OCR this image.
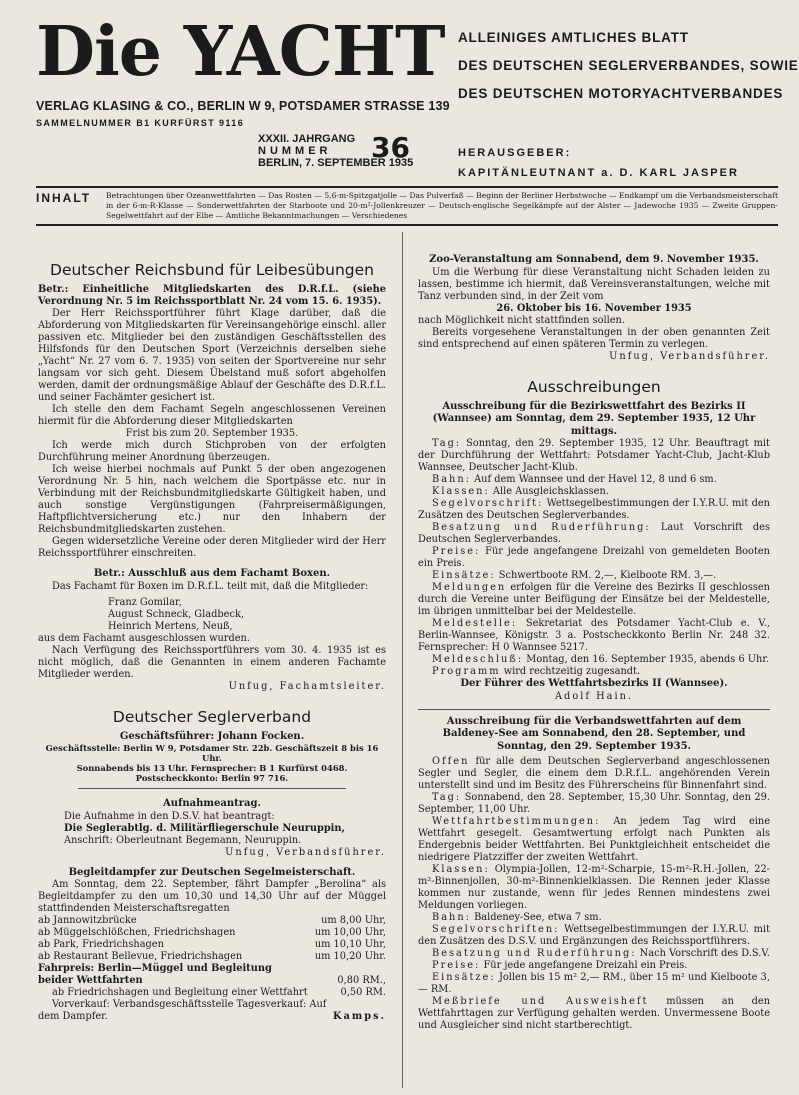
Die YACHT
VERLAG KLASING & CO., BERLIN W 9, POTSDAMER STRASSE 139
SAMMELNUMMER B1 KURFÜRST 9116
ALLEINIGES AMTLICHES BLATT
DES DEUTSCHEN SEGLERVERBANDES, SOWIE
DES DEUTSCHEN MOTORYACHTVERBANDES
XXXII. JAHRGANG
NUMMER	36
BERLIN, 7. SEPTEMBER 1935
HERAUSGEBER:
KAPITÄNLEUTNANT a. D. KARL JASPER
INHALT Betrachtungen über Ozeanwettfahrten — Das Rosten — 5,6-m-Spitzgatjolle — Das Pulverfaß — Beginn der Berliner Herbstwoche — Endkampf um die Verbandsmeisterschaft in der 6-m-R-Klasse — Sonderwettfahrten der Starboote und 20-m²-Jollenkreuzer — Deutsch-englische Segelkämpfe auf der Alster — Jadewoche 1935 — Zweite Gruppen-Segelwettfahrt auf der Elbe — Amtliche Bekanntmachungen — Verschiedenes
Deutscher Reichsbund für Leibesübungen

Betr.: Einheitliche Mitgliedskarten des D.R.f.L. (siehe Verordnung Nr. 5 im Reichssportblatt Nr. 24 vom 15. 6. 1935).

Der Herr Reichssportführer führt Klage darüber, daß die Abforderung von Mitgliedskarten für Vereinsangehörige einschl. aller passiven etc. Mitglieder bei den zuständigen Geschäftsstellen des Hilfsfonds für den Deutschen Sport (Verzeichnis derselben siehe „Yacht“ Nr. 27 vom 6. 7. 1935) von seiten der Sportvereine nur sehr langsam vor sich geht. Diesem Übelstand muß sofort abgeholfen werden, damit der ordnungsmäßige Ablauf der Geschäfte des D.R.f.L. und seiner Fachämter gesichert ist.

Ich stelle den dem Fachamt Segeln angeschlossenen Vereinen hiermit für die Abforderung dieser Mitgliedskarten

Frist bis zum 20. September 1935.

Ich werde mich durch Stichproben von der erfolgten Durchführung meiner Anordnung überzeugen.

Ich weise hierbei nochmals auf Punkt 5 der oben angezogenen Verordnung Nr. 5 hin, nach welchem die Sportpässe etc. nur in Verbindung mit der Reichsbundmitgliedskarte Gültigkeit haben, und auch sonstige Vergünstigungen (Fahrpreisermäßigungen, Haftpflichtversicherung etc.) nur den Inhabern der Reichsbundmitgliedskarten zustehen.

Gegen widersetzliche Vereine oder deren Mitglieder wird der Herr Reichssportführer einschreiten.

Betr.: Ausschluß aus dem Fachamt Boxen.

Das Fachamt für Boxen im D.R.f.L. teilt mit, daß die Mitglieder:

Franz Gomilar,

August Schneck, Gladbeck,

Heinrich Mertens, Neuß,

aus dem Fachamt ausgeschlossen wurden.

Nach Verfügung des Reichssportführers vom 30. 4. 1935 ist es nicht möglich, daß die Genannten in einem anderen Fachamte Mitglieder werden.

Unfug, Fachamtsleiter.

Deutscher Seglerverband

Geschäftsführer: Johann Focken.

Geschäftsstelle: Berlin W 9, Potsdamer Str. 22b. Geschäftszeit 8 bis 16 Uhr.

Sonnabends bis 13 Uhr. Fernsprecher: B 1 Kurfürst 0468.

Postscheckkonto: Berlin 97 716.

Aufnahmeantrag.

Die Aufnahme in den D.S.V. hat beantragt:

Die Seglerabtlg. d. Militärfliegerschule Neuruppin,

Anschrift: Oberleutnant Begemann, Neuruppin.

Unfug, Verbandsführer.

Begleitdampfer zur Deutschen Segelmeisterschaft.

Am Sonntag, dem 22. September, fährt Dampfer „Berolina“ als Begleitdampfer zu den um 10,30 und 14,30 Uhr auf der Müggel stattfindenden Meisterschaftsregatten

ab Jannowitzbrücke	um 8,00 Uhr,
ab Müggelschlößchen, Friedrichshagen	um 10,00 Uhr,
ab Park, Friedrichshagen	um 10,10 Uhr,
ab Restaurant Bellevue, Friedrichshagen	um 10,20 Uhr.
Fahrpreis: Berlin—Müggel und Begleitung beider Wettfahrten	0,80 RM.,
ab Friedrichshagen und Begleitung einer Wettfahrt	0,50 RM.
Vorverkauf: Verbandsgeschäftsstelle Tagesverkauf: Auf dem Dampfer.	Kamps.

Zoo-Veranstaltung am Sonnabend, dem 9. November 1935.

Um die Werbung für diese Veranstaltung nicht Schaden leiden zu lassen, bestimme ich hiermit, daß Vereinsveranstaltungen, welche mit Tanz verbunden sind, in der Zeit vom

26. Oktober bis 16. November 1935

nach Möglichkeit nicht stattfinden sollen.

Bereits vorgesehene Veranstaltungen in der oben genannten Zeit sind entsprechend auf einen späteren Termin zu verlegen.

Unfug, Verbandsführer.

Ausschreibungen

Ausschreibung für die Bezirkswettfahrt des Bezirks II (Wannsee) am Sonntag, dem 29. September 1935, 12 Uhr mittags.

Tag: Sonntag, den 29. September 1935, 12 Uhr. Beauftragt mit der Durchführung der Wettfahrt: Potsdamer Yacht-Club, Jacht-Klub Wannsee, Deutscher Jacht-Klub.

Bahn: Auf dem Wannsee und der Havel 12, 8 und 6 sm.

Klassen: Alle Ausgleichsklassen.

Segelvorschrift: Wettsegelbestimmungen der I.Y.R.U. mit den Zusätzen des Deutschen Seglerverbandes.

Besatzung und Ruderführung: Laut Vorschrift des Deutschen Seglerverbandes.

Preise: Für jede angefangene Dreizahl von gemeldeten Booten ein Preis.

Einsätze: Schwertboote RM. 2,—, Kielboote RM. 3,—.

Meldungen erfolgen für die Vereine des Bezirks II geschlossen durch die Vereine unter Beifügung der Einsätze bei der Meldestelle, im übrigen unmittelbar bei der Meldestelle.

Meldestelle: Sekretariat des Potsdamer Yacht-Club e. V., Berlin-Wannsee, Königstr. 3 a. Postscheckkonto Berlin Nr. 248 32. Fernsprecher: H 0 Wannsee 5217.

Meldeschluß: Montag, den 16. September 1935, abends 6 Uhr.

Programm wird rechtzeitig zugesandt.

Der Führer des Wettfahrtsbezirks II (Wannsee).

Adolf Hain.

Ausschreibung für die Verbandswettfahrten auf dem Baldeney-See am Sonnabend, den 28. September, und Sonntag, den 29. September 1935.

Offen für alle dem Deutschen Seglerverband angeschlossenen Segler und Segler, die einem dem D.R.f.L. angehörenden Verein unterstellt sind und im Besitz des Führerscheins für Binnenfahrt sind.

Tag: Sonnabend, den 28. September, 15,30 Uhr. Sonntag, den 29. September, 11,00 Uhr.

Wettfahrtbestimmungen: An jedem Tag wird eine Wettfahrt gesegelt. Gesamtwertung erfolgt nach Punkten als Endergebnis beider Wettfahrten. Bei Punktgleichheit entscheidet die niedrigere Platzziffer der zweiten Wettfahrt.

Klassen: Olympia-Jollen, 12-m²-Scharpie, 15-m²-R.H.-Jollen, 22-m²-Binnenjollen, 30-m²-Binnenkielklassen. Die Rennen jeder Klasse kommen nur zustande, wenn für jedes Rennen mindestens zwei Meldungen vorliegen.

Bahn: Baldeney-See, etwa 7 sm.

Segelvorschriften: Wettsegelbestimmungen der I.Y.R.U. mit den Zusätzen des D.S.V. und Ergänzungen des Reichssportführers.

Besatzung und Ruderführung: Nach Vorschrift des D.S.V.

Preise: Für jede angefangene Dreizahl ein Preis.

Einsätze: Jollen bis 15 m² 2,— RM., über 15 m² und Kielboote 3,— RM.

Meßbriefe und Ausweisheft müssen an den Wettfahrttagen zur Verfügung gehalten werden. Unvermessene Boote und Ausgleicher sind nicht startberechtigt.
